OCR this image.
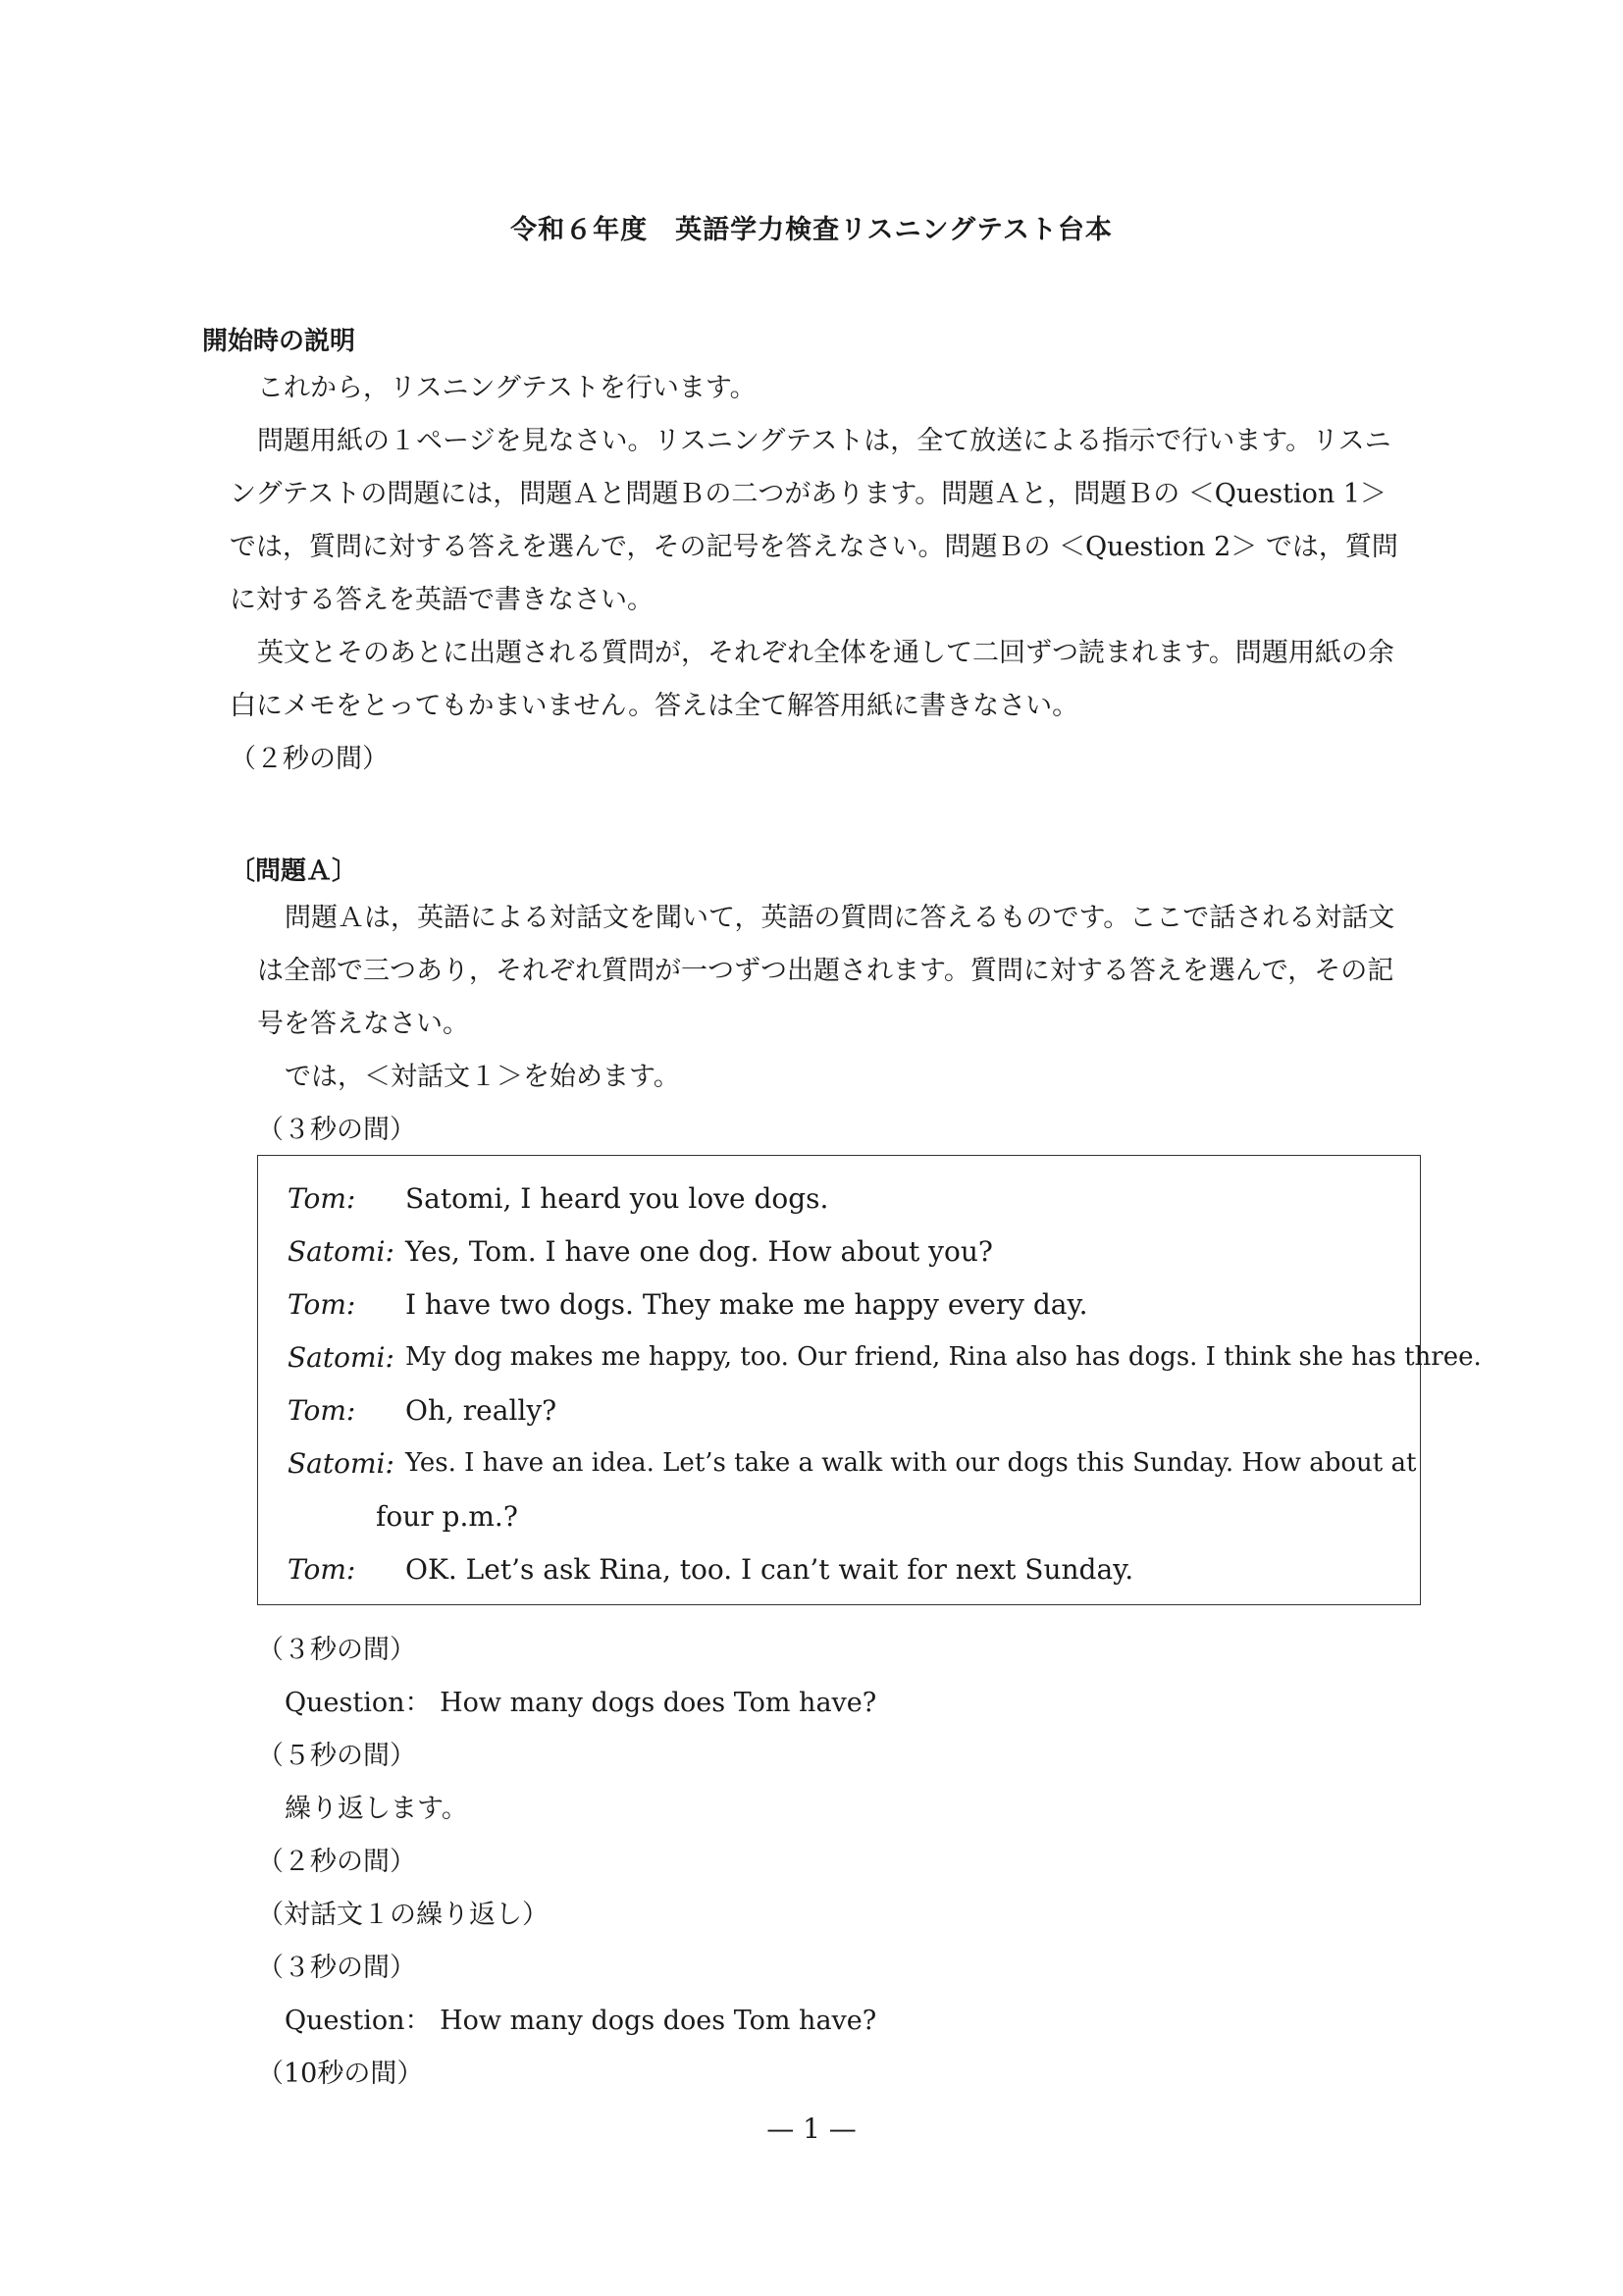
令和６年度　英語学力検査リスニングテスト台本
開始時の説明
これから，リスニングテストを行います。
問題用紙の１ページを見なさい。リスニングテストは，全て放送による指示で行います。リスニ
ングテストの問題には，問題Ａと問題Ｂの二つがあります。問題Ａと，問題Ｂの ＜Question 1＞
では，質問に対する答えを選んで，その記号を答えなさい。問題Ｂの ＜Question 2＞ では，質問
に対する答えを英語で書きなさい。
英文とそのあとに出題される質問が，それぞれ全体を通して二回ずつ読まれます。問題用紙の余
白にメモをとってもかまいません。答えは全て解答用紙に書きなさい。
（２秒の間）
〔問題Ａ〕
問題Ａは，英語による対話文を聞いて，英語の質問に答えるものです。ここで話される対話文
は全部で三つあり，それぞれ質問が一つずつ出題されます。質問に対する答えを選んで，その記
号を答えなさい。
では，＜対話文１＞を始めます。
（３秒の間）
Tom: Satomi, I heard you love dogs.
Satomi: Yes, Tom. I have one dog. How about you?
Tom: I have two dogs. They make me happy every day.
Satomi: My dog makes me happy, too. Our friend, Rina also has dogs. I think she has three.
Tom: Oh, really?
Satomi: Yes. I have an idea. Let’s take a walk with our dogs this Sunday. How about at
four p.m.?
Tom: OK. Let’s ask Rina, too. I can’t wait for next Sunday.
（３秒の間）
Question： How many dogs does Tom have?
（５秒の間）
繰り返します。
（２秒の間）
（対話文１の繰り返し）
（３秒の間）
Question： How many dogs does Tom have?
（10秒の間）
— 1 —
